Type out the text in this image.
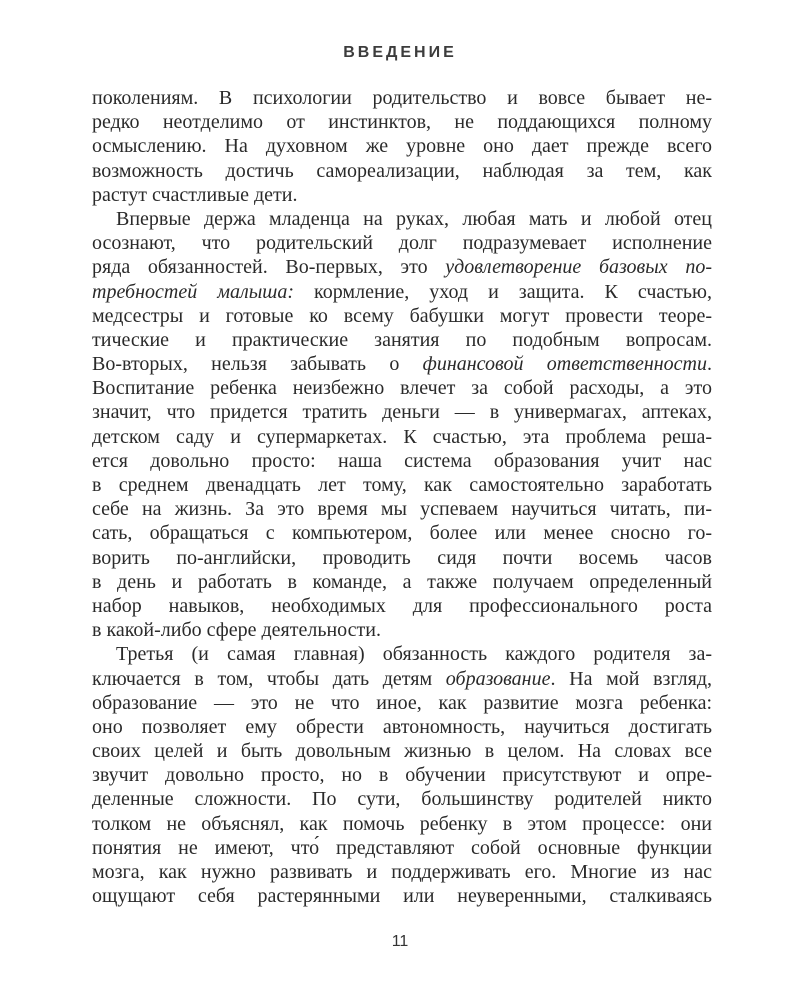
ВВЕДЕНИЕ
поколениям. В психологии родительство и вовсе бывает не-
редко неотделимо от инстинктов, не поддающихся полному
осмыслению. На духовном же уровне оно дает прежде всего
возможность достичь самореализации, наблюдая за тем, как
растут счастливые дети.
Впервые держа младенца на руках, любая мать и любой отец
осознают, что родительский долг подразумевает исполнение
ряда обязанностей. Во-первых, это удовлетворение базовых по-
требностей малыша: кормление, уход и защита. К счастью,
медсестры и готовые ко всему бабушки могут провести теоре-
тические и практические занятия по подобным вопросам.
Во-вторых, нельзя забывать о финансовой ответственности.
Воспитание ребенка неизбежно влечет за собой расходы, а это
значит, что придется тратить деньги — в универмагах, аптеках,
детском саду и супермаркетах. К счастью, эта проблема реша-
ется довольно просто: наша система образования учит нас
в среднем двенадцать лет тому, как самостоятельно заработать
себе на жизнь. За это время мы успеваем научиться читать, пи-
сать, обращаться с компьютером, более или менее сносно го-
ворить по-английски, проводить сидя почти восемь часов
в день и работать в команде, а также получаем определенный
набор навыков, необходимых для профессионального роста
в какой-либо сфере деятельности.
Третья (и самая главная) обязанность каждого родителя за-
ключается в том, чтобы дать детям образование. На мой взгляд,
образование — это не что иное, как развитие мозга ребенка:
оно позволяет ему обрести автономность, научиться достигать
своих целей и быть довольным жизнью в целом. На словах все
звучит довольно просто, но в обучении присутствуют и опре-
деленные сложности. По сути, большинству родителей никто
толком не объяснял, как помочь ребенку в этом процессе: они
понятия не имеют, что́ представляют собой основные функции
мозга, как нужно развивать и поддерживать его. Многие из нас
ощущают себя растерянными или неуверенными, сталкиваясь
11
